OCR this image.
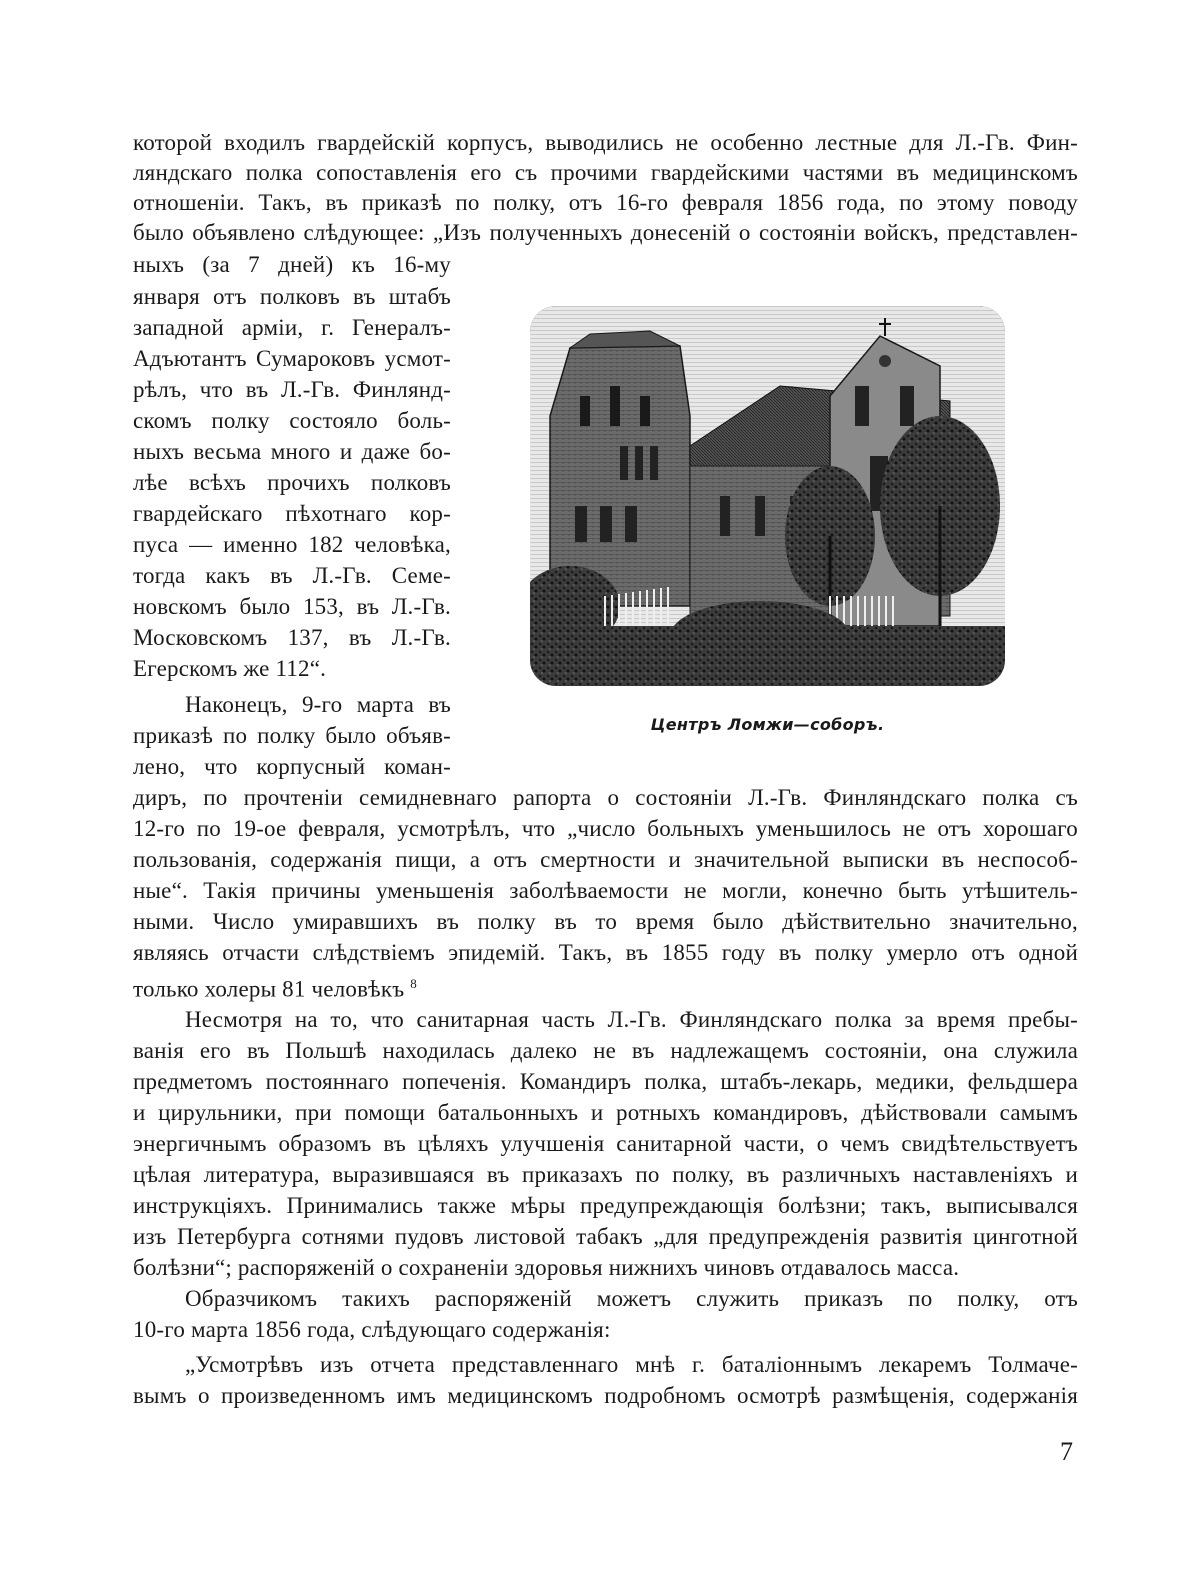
которой входилъ гвардейскій корпусъ, выводились не особенно лестные для Л.-Гв. Фин-
ляндскаго полка сопоставленія его съ прочими гвардейскими частями въ медицинскомъ
отношеніи. Такъ, въ приказѣ по полку, отъ 16-го февраля 1856 года, по этому поводу
было объявлено слѣдующее: „Изъ полученныхъ донесеній о состояніи войскъ, представлен-
ныхъ (за 7 дней) къ 16-му
января отъ полковъ въ штабъ
западной арміи, г. Генералъ-
Адъютантъ Сумароковъ усмот-
рѣлъ, что въ Л.-Гв. Финлянд-
скомъ полку состояло боль-
ныхъ весьма много и даже бо-
лѣе всѣхъ прочихъ полковъ
гвардейскаго пѣхотнаго кор-
пуса — именно 182 человѣка,
тогда какъ въ Л.-Гв. Семе-
новскомъ было 153, въ Л.-Гв.
Московскомъ 137, въ Л.-Гв.
Егерскомъ же 112“.
Наконецъ, 9-го марта въ
приказѣ по полку было объяв-
лено, что корпусный коман-
Центръ Ломжи—соборъ.
диръ, по прочтеніи семидневнаго рапорта о состояніи Л.-Гв. Финляндскаго полка съ
12-го по 19-ое февраля, усмотрѣлъ, что „число больныхъ уменьшилось не отъ хорошаго
пользованія, содержанія пищи, а отъ смертности и значительной выписки въ неспособ-
ные“. Такія причины уменьшенія заболѣваемости не могли, конечно быть утѣшитель-
ными. Число умиравшихъ въ полку въ то время было дѣйствительно значительно,
являясь отчасти слѣдствіемъ эпидемій. Такъ, въ 1855 году въ полку умерло отъ одной
только холеры 81 человѣкъ $^8$
Несмотря на то, что санитарная часть Л.-Гв. Финляндскаго полка за время пребы-
ванія его въ Польшѣ находилась далеко не въ надлежащемъ состояніи, она служила
предметомъ постояннаго попеченія. Командиръ полка, штабъ-лекарь, медики, фельдшера
и цирульники, при помощи батальонныхъ и ротныхъ командировъ, дѣйствовали самымъ
энергичнымъ образомъ въ цѣляхъ улучшенія санитарной части, о чемъ свидѣтельствуетъ
цѣлая литература, выразившаяся въ приказахъ по полку, въ различныхъ наставленіяхъ и
инструкціяхъ. Принимались также мѣры предупреждающія болѣзни; такъ, выписывался
изъ Петербурга сотнями пудовъ листовой табакъ „для предупрежденія развитія цинготной
болѣзни“; распоряженій о сохраненіи здоровья нижнихъ чиновъ отдавалось масса.
Образчикомъ такихъ распоряженій можетъ служить приказъ по полку, отъ
10-го марта 1856 года, слѣдующаго содержанія:
„Усмотрѣвъ изъ отчета представленнаго мнѣ г. баталіоннымъ лекаремъ Толмаче-
вымъ о произведенномъ имъ медицинскомъ подробномъ осмотрѣ размѣщенія, содержанія
7
